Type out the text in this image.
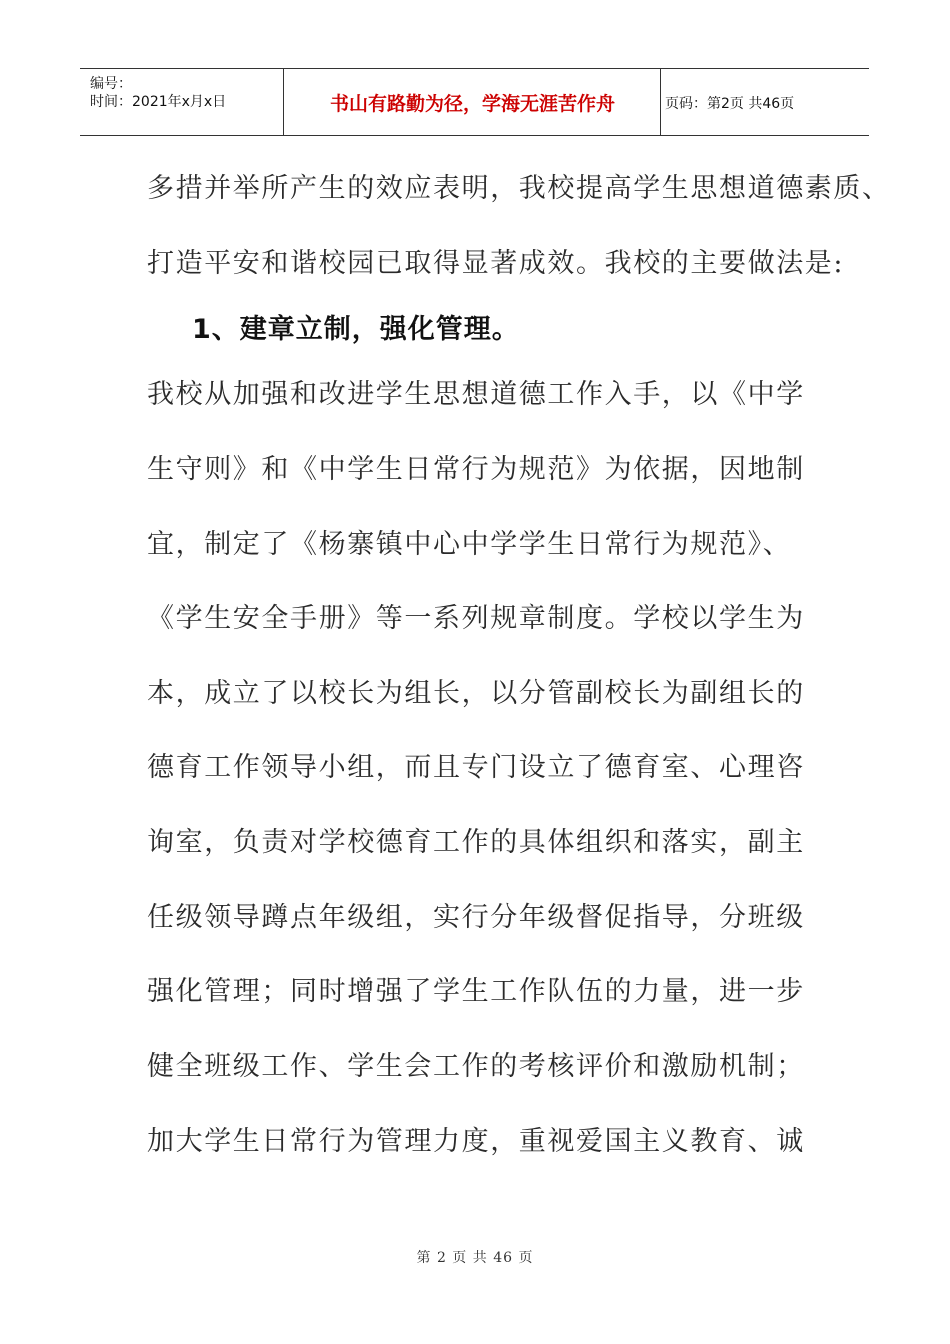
编号：
时间：2021年x月x日	书山有路勤为径，学海无涯苦作舟	页码：第2页 共46页
多措并举所产生的效应表明，我校提高学生思想道德素质、
打造平安和谐校园已取得显著成效。我校的主要做法是:
1、建章立制，强化管理。
我校从加强和改进学生思想道德工作入手，以《中学
生守则》和《中学生日常行为规范》为依据，因地制
宜，制定了《杨寨镇中心中学学生日常行为规范》、
《学生安全手册》等一系列规章制度。学校以学生为
本，成立了以校长为组长，以分管副校长为副组长的
德育工作领导小组，而且专门设立了德育室、心理咨
询室，负责对学校德育工作的具体组织和落实，副主
任级领导蹲点年级组，实行分年级督促指导，分班级
强化管理；同时增强了学生工作队伍的力量，进一步
健全班级工作、学生会工作的考核评价和激励机制；
加大学生日常行为管理力度，重视爱国主义教育、诚
第 2 页 共 46 页
